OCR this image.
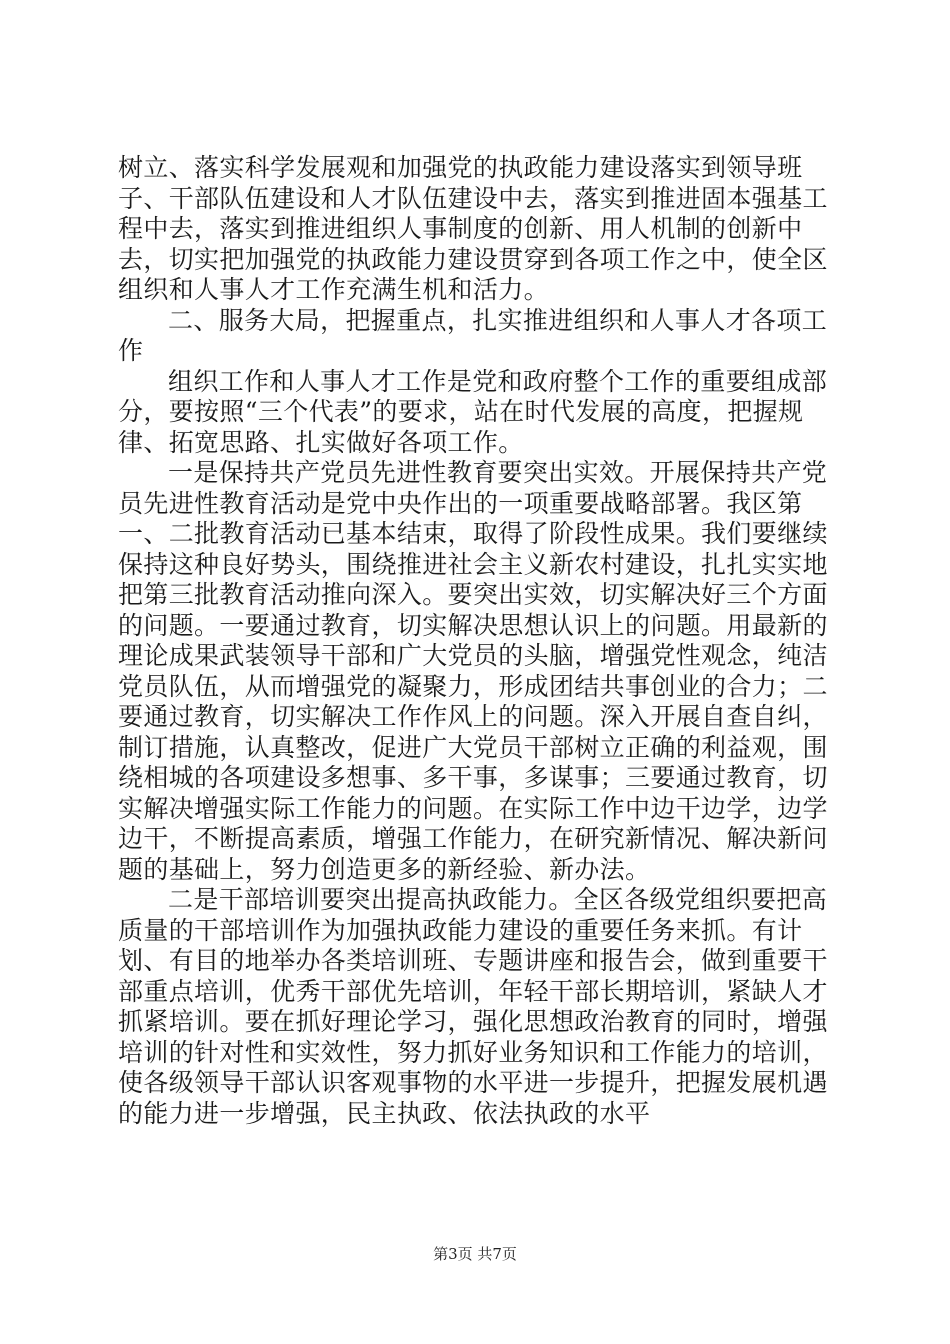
树立、落实科学发展观和加强党的执政能力建设落实到领导班子、干部队伍建设和人才队伍建设中去，落实到推进固本强基工程中去，落实到推进组织人事制度的创新、用人机制的创新中去，切实把加强党的执政能力建设贯穿到各项工作之中，使全区组织和人事人才工作充满生机和活力。

二、服务大局，把握重点，扎实推进组织和人事人才各项工作

组织工作和人事人才工作是党和政府整个工作的重要组成部分，要按照“三个代表”的要求，站在时代发展的高度，把握规律、拓宽思路、扎实做好各项工作。

一是保持共产党员先进性教育要突出实效。开展保持共产党员先进性教育活动是党中央作出的一项重要战略部署。我区第一、二批教育活动已基本结束，取得了阶段性成果。我们要继续保持这种良好势头，围绕推进社会主义新农村建设，扎扎实实地把第三批教育活动推向深入。要突出实效，切实解决好三个方面的问题。一要通过教育，切实解决思想认识上的问题。用最新的理论成果武装领导干部和广大党员的头脑，增强党性观念，纯洁党员队伍，从而增强党的凝聚力，形成团结共事创业的合力；二要通过教育，切实解决工作作风上的问题。深入开展自查自纠，制订措施，认真整改，促进广大党员干部树立正确的利益观，围绕相城的各项建设多想事、多干事，多谋事；三要通过教育，切实解决增强实际工作能力的问题。在实际工作中边干边学，边学边干，不断提高素质，增强工作能力，在研究新情况、解决新问题的基础上，努力创造更多的新经验、新办法。

二是干部培训要突出提高执政能力。全区各级党组织要把高质量的干部培训作为加强执政能力建设的重要任务来抓。有计划、有目的地举办各类培训班、专题讲座和报告会，做到重要干部重点培训，优秀干部优先培训，年轻干部长期培训，紧缺人才抓紧培训。要在抓好理论学习，强化思想政治教育的同时，增强培训的针对性和实效性，努力抓好业务知识和工作能力的培训，使各级领导干部认识客观事物的水平进一步提升，把握发展机遇的能力进一步增强，民主执政、依法执政的水平

第3页 共7页
